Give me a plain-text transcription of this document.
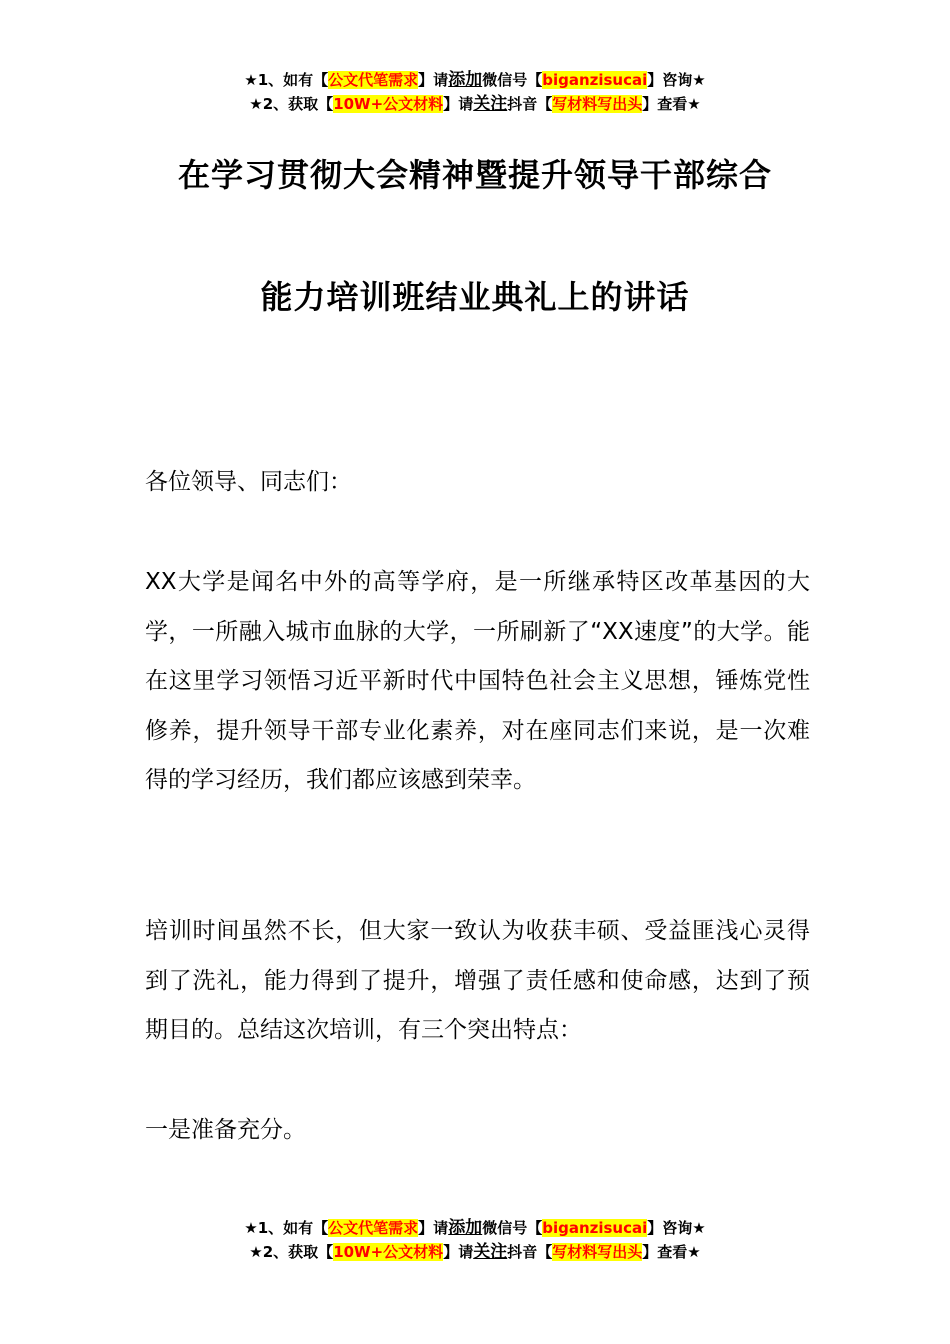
★1、如有【公文代笔需求】请添加微信号【biganzisucai】咨询★
★2、获取【10W+公文材料】请关注抖音【写材料写出头】查看★
在学习贯彻大会精神暨提升领导干部综合
能力培训班结业典礼上的讲话

各位领导、同志们：

XX大学是闻名中外的高等学府，是一所继承特区改革基因的大学，一所融入城市血脉的大学，一所刷新了“XX速度”的大学。能在这里学习领悟习近平新时代中国特色社会主义思想，锤炼党性修养，提升领导干部专业化素养，对在座同志们来说，是一次难得的学习经历，我们都应该感到荣幸。

培训时间虽然不长，但大家一致认为收获丰硕、受益匪浅心灵得到了洗礼，能力得到了提升，增强了责任感和使命感，达到了预期目的。总结这次培训，有三个突出特点：

一是准备充分。

★1、如有【公文代笔需求】请添加微信号【biganzisucai】咨询★
★2、获取【10W+公文材料】请关注抖音【写材料写出头】查看★
